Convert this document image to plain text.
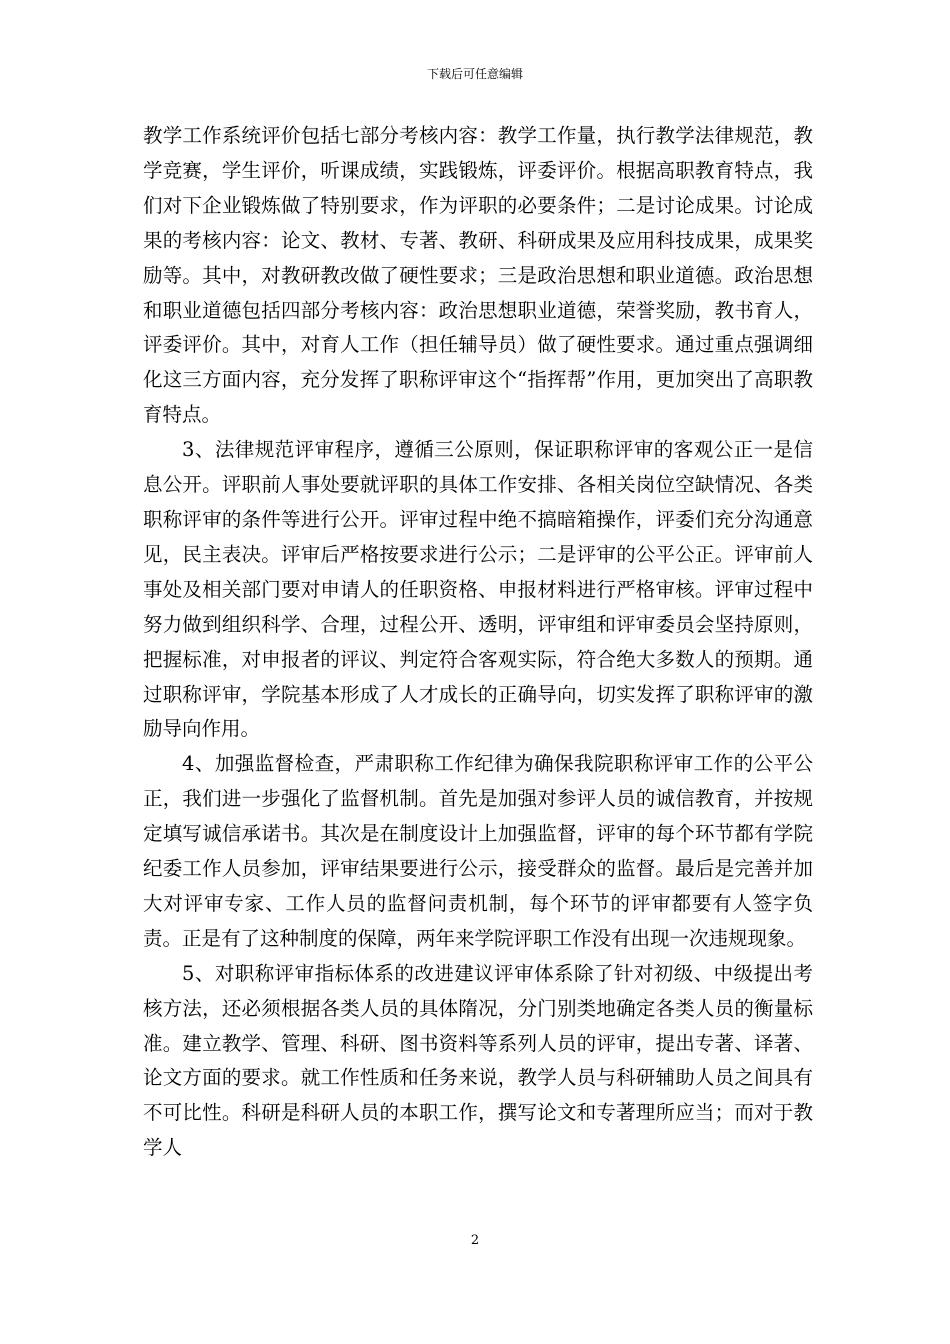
下载后可任意编辑

教学工作系统评价包括七部分考核内容：教学工作量，执行教学法律规范，教学竞赛，学生评价，听课成绩，实践锻炼，评委评价。根据高职教育特点，我们对下企业锻炼做了特别要求，作为评职的必要条件；二是讨论成果。讨论成果的考核内容：论文、教材、专著、教研、科研成果及应用科技成果，成果奖励等。其中，对教研教改做了硬性要求；三是政治思想和职业道德。政治思想和职业道德包括四部分考核内容：政治思想职业道德，荣誉奖励，教书育人，评委评价。其中，对育人工作（担任辅导员）做了硬性要求。通过重点强调细化这三方面内容，充分发挥了职称评审这个“指挥帮”作用，更加突出了高职教育特点。

3、法律规范评审程序，遵循三公原则，保证职称评审的客观公正一是信息公开。评职前人事处要就评职的具体工作安排、各相关岗位空缺情况、各类职称评审的条件等进行公开。评审过程中绝不搞暗箱操作，评委们充分沟通意见，民主表决。评审后严格按要求进行公示；二是评审的公平公正。评审前人事处及相关部门要对申请人的任职资格、申报材料进行严格审核。评审过程中努力做到组织科学、合理，过程公开、透明，评审组和评审委员会坚持原则，把握标准，对申报者的评议、判定符合客观实际，符合绝大多数人的预期。通过职称评审，学院基本形成了人才成长的正确导向，切实发挥了职称评审的激励导向作用。

4、加强监督检查，严肃职称工作纪律为确保我院职称评审工作的公平公正，我们进一步强化了监督机制。首先是加强对参评人员的诚信教育，并按规定填写诚信承诺书。其次是在制度设计上加强监督，评审的每个环节都有学院纪委工作人员参加，评审结果要进行公示，接受群众的监督。最后是完善并加大对评审专家、工作人员的监督问责机制，每个环节的评审都要有人签字负责。正是有了这种制度的保障，两年来学院评职工作没有出现一次违规现象。

5、对职称评审指标体系的改进建议评审体系除了针对初级、中级提出考核方法，还必须根据各类人员的具体隋况，分门别类地确定各类人员的衡量标准。建立教学、管理、科研、图书资料等系列人员的评审，提出专著、译著、论文方面的要求。就工作性质和任务来说，教学人员与科研辅助人员之间具有不可比性。科研是科研人员的本职工作，撰写论文和专著理所应当；而对于教学人

2
